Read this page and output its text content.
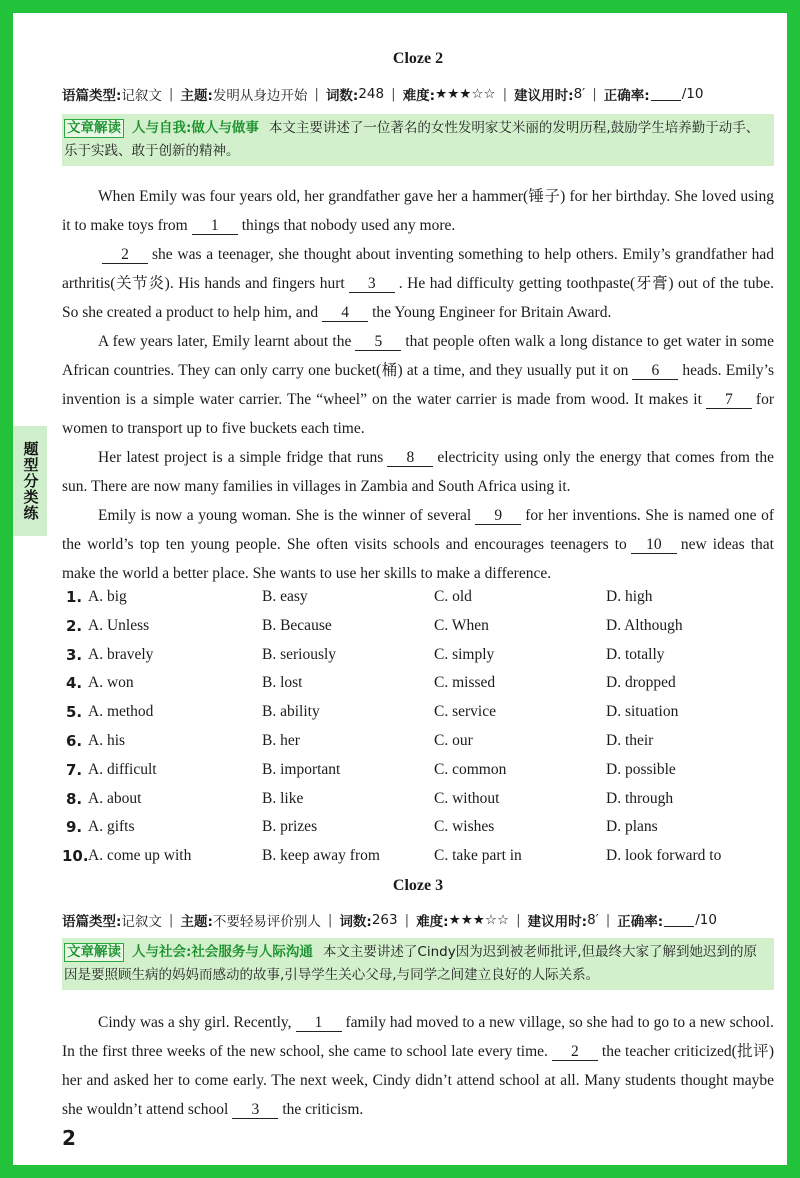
题型分类练
Cloze 2
语篇类型: 记叙文 | 主题: 发明从身边开始 | 词数: 248 | 难度: ★★★☆☆ | 建议用时: 8′ | 正确率: /10
文章解读 人与自我:做人与做事 本文主要讲述了一位著名的女性发明家艾米丽的发明历程,鼓励学生培养勤于动手、乐于实践、敢于创新的精神。

When Emily was four years old, her grandfather gave her a hammer(锤子) for her birthday. She loved using it to make toys from 1 things that nobody used any more.

2 she was a teenager, she thought about inventing something to help others. Emily’s grandfather had arthritis(关节炎). His hands and fingers hurt 3 . He had difficulty getting toothpaste(牙膏) out of the tube. So she created a product to help him, and 4 the Young Engineer for Britain Award.

A few years later, Emily learnt about the 5 that people often walk a long distance to get water in some African countries. They can only carry one bucket(桶) at a time, and they usually put it on 6 heads. Emily’s invention is a simple water carrier. The “wheel” on the water carrier is made from wood. It makes it 7 for women to transport up to five buckets each time.

Her latest project is a simple fridge that runs 8 electricity using only the energy that comes from the sun. There are now many families in villages in Zambia and South Africa using it.

Emily is now a young woman. She is the winner of several 9 for her inventions. She is named one of the world’s top ten young people. She often visits schools and encourages teenagers to 10 new ideas that make the world a better place. She wants to use her skills to make a difference.

1. A. big	B. easy	C. old	D. high
2. A. Unless	B. Because	C. When	D. Although
3. A. bravely	B. seriously	C. simply	D. totally
4. A. won	B. lost	C. missed	D. dropped
5. A. method	B. ability	C. service	D. situation
6. A. his	B. her	C. our	D. their
7. A. difficult	B. important	C. common	D. possible
8. A. about	B. like	C. without	D. through
9. A. gifts	B. prizes	C. wishes	D. plans
10. A. come up with	B. keep away from	C. take part in	D. look forward to
Cloze 3
语篇类型: 记叙文 | 主题: 不要轻易评价别人 | 词数: 263 | 难度: ★★★☆☆ | 建议用时: 8′ | 正确率: /10
文章解读 人与社会:社会服务与人际沟通 本文主要讲述了Cindy因为迟到被老师批评,但最终大家了解到她迟到的原因是要照顾生病的妈妈而感动的故事,引导学生关心父母,与同学之间建立良好的人际关系。

Cindy was a shy girl. Recently, 1 family had moved to a new village, so she had to go to a new school. In the first three weeks of the new school, she came to school late every time. 2 the teacher criticized(批评) her and asked her to come early. The next week, Cindy didn’t attend school at all. Many students thought maybe she wouldn’t attend school 3 the criticism.

2
